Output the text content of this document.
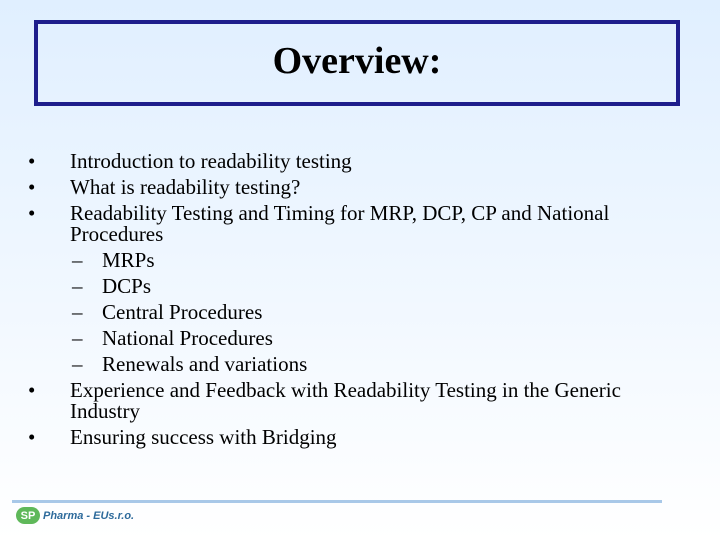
Overview:
•	Introduction to readability testing
•	What is readability testing?
•	Readability Testing and Timing for MRP, DCP, CP and National Procedures
– MRPs
– DCPs
– Central Procedures
– National Procedures
– Renewals and variations
•	Experience and Feedback with Readability Testing in the Generic Industry
•	Ensuring success with Bridging
SP Pharma - EUs.r.o.
